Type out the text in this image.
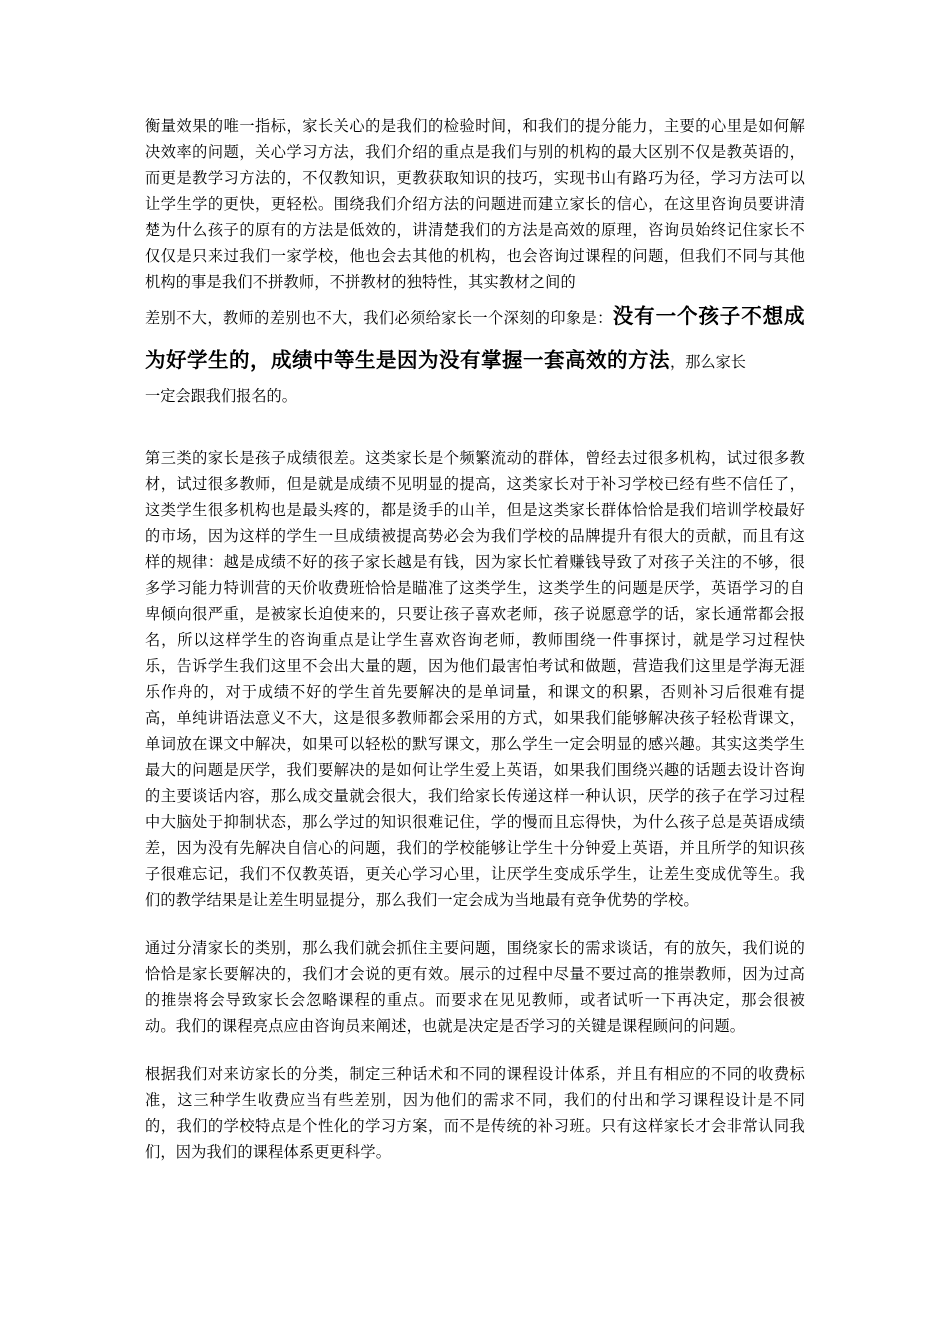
衡量效果的唯一指标，家长关心的是我们的检验时间，和我们的提分能力，主要的心里是如何解决效率的问题，关心学习方法，我们介绍的重点是我们与别的机构的最大区别不仅是教英语的，而更是教学习方法的，不仅教知识，更教获取知识的技巧，实现书山有路巧为径，学习方法可以让学生学的更快，更轻松。围绕我们介绍方法的问题进而建立家长的信心，在这里咨询员要讲清楚为什么孩子的原有的方法是低效的，讲清楚我们的方法是高效的原理，咨询员始终记住家长不仅仅是只来过我们一家学校，他也会去其他的机构，也会咨询过课程的问题，但我们不同与其他机构的事是我们不拼教师，不拼教材的独特性，其实教材之间的

差别不大，教师的差别也不大，我们必须给家长一个深刻的印象是：没有一个孩子不想成为好学生的，成绩中等生是因为没有掌握一套高效的方法，那么家长

一定会跟我们报名的。

第三类的家长是孩子成绩很差。这类家长是个频繁流动的群体，曾经去过很多机构，试过很多教材，试过很多教师，但是就是成绩不见明显的提高，这类家长对于补习学校已经有些不信任了，这类学生很多机构也是最头疼的，都是烫手的山羊，但是这类家长群体恰恰是我们培训学校最好的市场，因为这样的学生一旦成绩被提高势必会为我们学校的品牌提升有很大的贡献，而且有这样的规律：越是成绩不好的孩子家长越是有钱，因为家长忙着赚钱导致了对孩子关注的不够，很多学习能力特训营的天价收费班恰恰是瞄准了这类学生，这类学生的问题是厌学，英语学习的自卑倾向很严重，是被家长迫使来的，只要让孩子喜欢老师，孩子说愿意学的话，家长通常都会报名，所以这样学生的咨询重点是让学生喜欢咨询老师，教师围绕一件事探讨，就是学习过程快乐，告诉学生我们这里不会出大量的题，因为他们最害怕考试和做题，营造我们这里是学海无涯乐作舟的，对于成绩不好的学生首先要解决的是单词量，和课文的积累，否则补习后很难有提高，单纯讲语法意义不大，这是很多教师都会采用的方式，如果我们能够解决孩子轻松背课文，单词放在课文中解决，如果可以轻松的默写课文，那么学生一定会明显的感兴趣。其实这类学生最大的问题是厌学，我们要解决的是如何让学生爱上英语，如果我们围绕兴趣的话题去设计咨询的主要谈话内容，那么成交量就会很大，我们给家长传递这样一种认识，厌学的孩子在学习过程中大脑处于抑制状态，那么学过的知识很难记住，学的慢而且忘得快，为什么孩子总是英语成绩差，因为没有先解决自信心的问题，我们的学校能够让学生十分钟爱上英语，并且所学的知识孩子很难忘记，我们不仅教英语，更关心学习心里，让厌学生变成乐学生，让差生变成优等生。我们的教学结果是让差生明显提分，那么我们一定会成为当地最有竞争优势的学校。

通过分清家长的类别，那么我们就会抓住主要问题，围绕家长的需求谈话，有的放矢，我们说的恰恰是家长要解决的，我们才会说的更有效。展示的过程中尽量不要过高的推崇教师，因为过高的推崇将会导致家长会忽略课程的重点。而要求在见见教师，或者试听一下再决定，那会很被动。我们的课程亮点应由咨询员来阐述，也就是决定是否学习的关键是课程顾问的问题。

根据我们对来访家长的分类，制定三种话术和不同的课程设计体系，并且有相应的不同的收费标准，这三种学生收费应当有些差别，因为他们的需求不同，我们的付出和学习课程设计是不同的，我们的学校特点是个性化的学习方案，而不是传统的补习班。只有这样家长才会非常认同我们，因为我们的课程体系更更科学。
